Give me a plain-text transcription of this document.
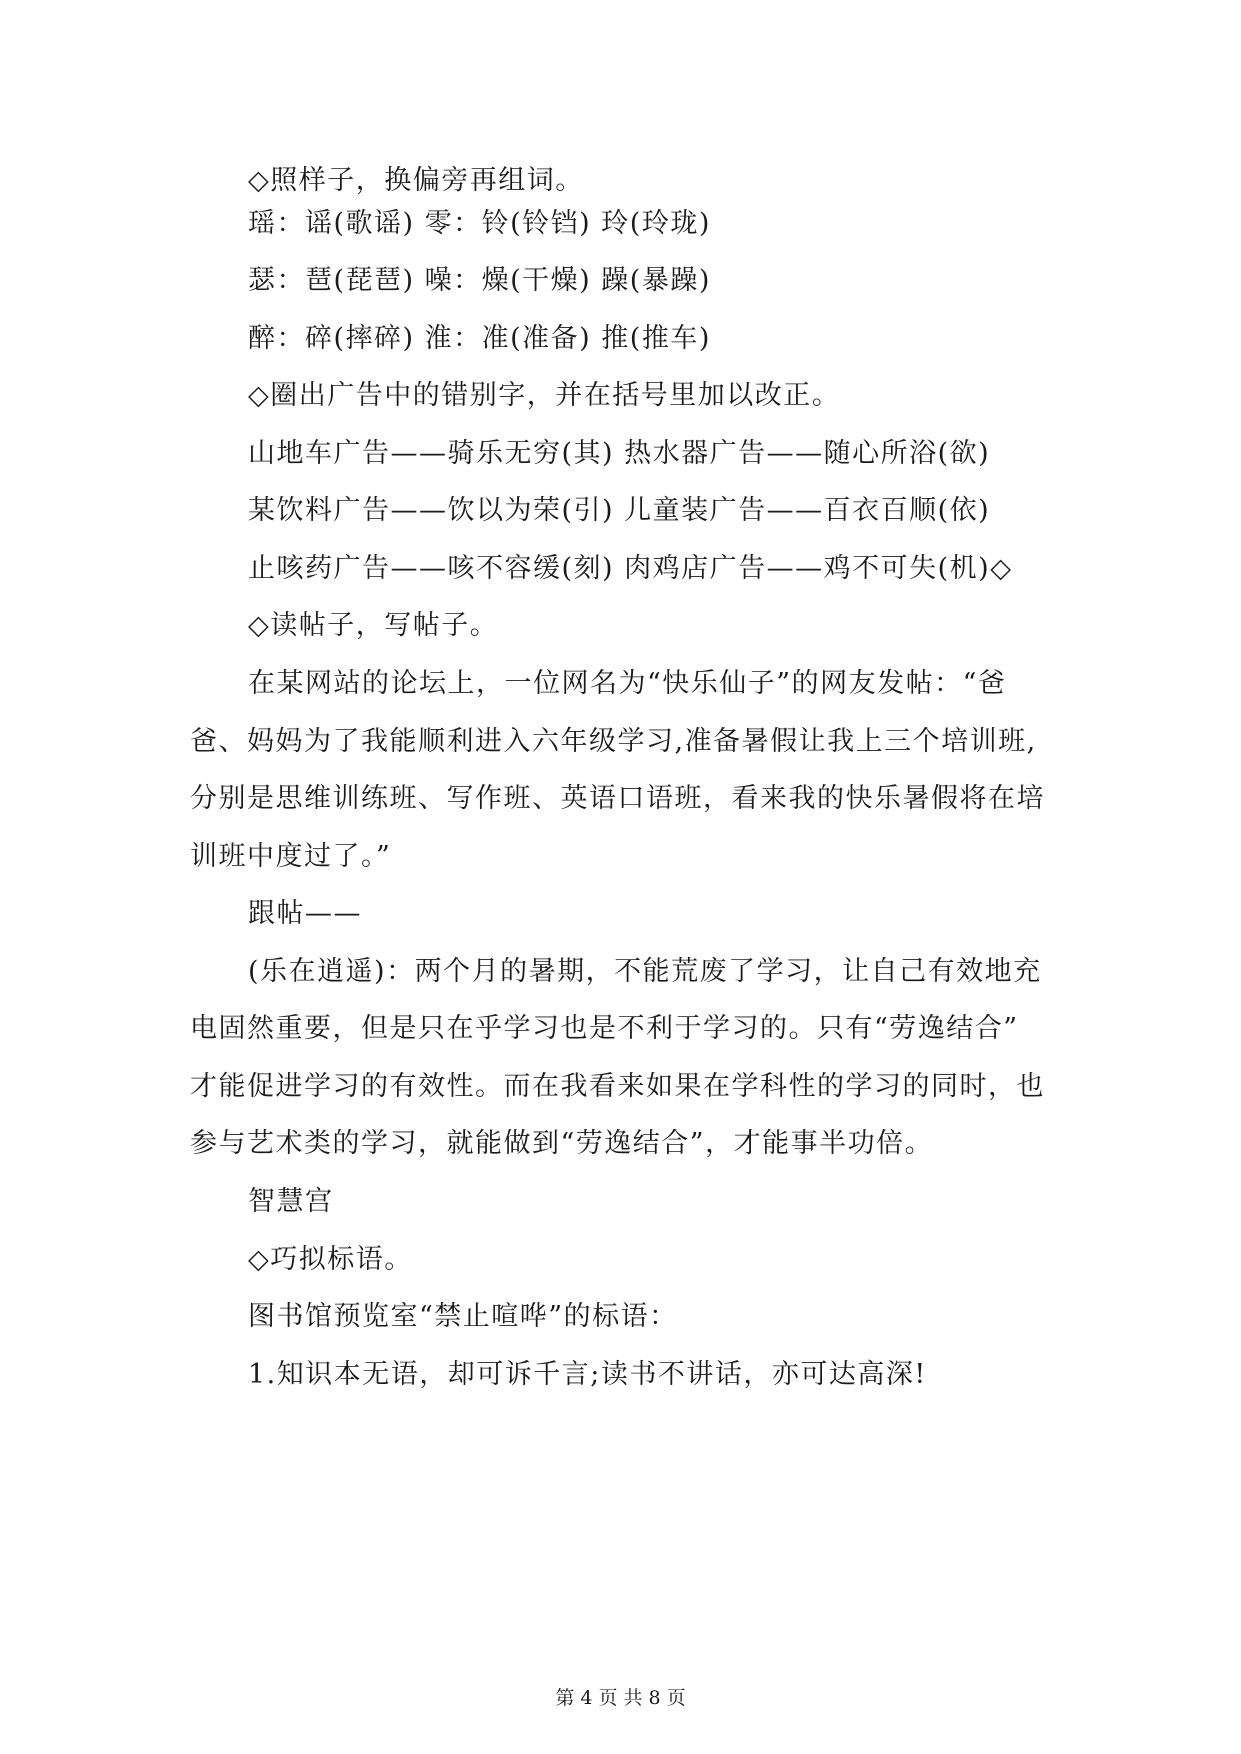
◇照样子，换偏旁再组词。
瑶：谣(歌谣) 零：铃(铃铛) 玲(玲珑)
瑟：琶(琵琶) 噪：燥(干燥) 躁(暴躁)
醉：碎(摔碎) 淮：准(准备) 推(推车)
◇圈出广告中的错别字，并在括号里加以改正。
山地车广告——骑乐无穷(其) 热水器广告——随心所浴(欲)
某饮料广告——饮以为荣(引) 儿童装广告——百衣百顺(依)
止咳药广告——咳不容缓(刻) 肉鸡店广告——鸡不可失(机)◇
◇读帖子，写帖子。
在某网站的论坛上，一位网名为“快乐仙子”的网友发帖：“爸
爸、妈妈为了我能顺利进入六年级学习,准备暑假让我上三个培训班,
分别是思维训练班、写作班、英语口语班，看来我的快乐暑假将在培
训班中度过了。”
跟帖——
(乐在逍遥)：两个月的暑期，不能荒废了学习，让自己有效地充
电固然重要，但是只在乎学习也是不利于学习的。只有“劳逸结合”
才能促进学习的有效性。而在我看来如果在学科性的学习的同时，也
参与艺术类的学习，就能做到“劳逸结合”，才能事半功倍。
智慧宫
◇巧拟标语。
图书馆预览室“禁止喧哗”的标语：
1.知识本无语，却可诉千言;读书不讲话，亦可达高深!
第 4 页 共 8 页
